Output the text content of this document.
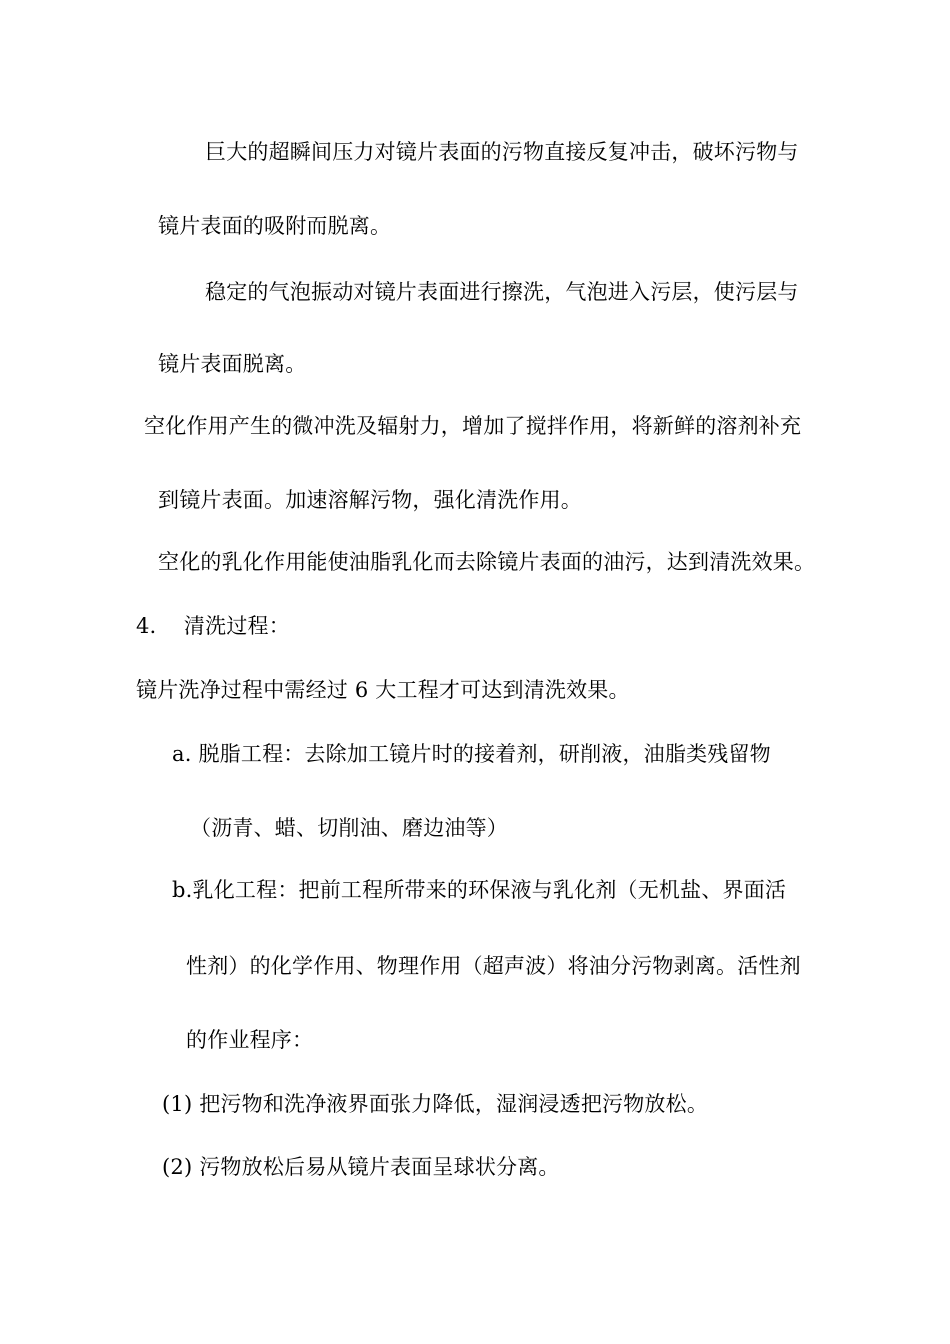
巨大的超瞬间压力对镜片表面的污物直接反复冲击，破坏污物与
镜片表面的吸附而脱离。
稳定的气泡振动对镜片表面进行擦洗，气泡进入污层，使污层与
镜片表面脱离。
空化作用产生的微冲洗及辐射力，增加了搅拌作用，将新鲜的溶剂补充
到镜片表面。加速溶解污物，强化清洗作用。
空化的乳化作用能使油脂乳化而去除镜片表面的油污，达到清洗效果。
4.    清洗过程：
镜片洗净过程中需经过 6 大工程才可达到清洗效果。
a. 脱脂工程：去除加工镜片时的接着剂，研削液，油脂类残留物
（沥青、蜡、切削油、磨边油等）
b.乳化工程：把前工程所带来的环保液与乳化剂（无机盐、界面活
性剂）的化学作用、物理作用（超声波）将油分污物剥离。活性剂
的作业程序：
(1) 把污物和洗净液界面张力降低，湿润浸透把污物放松。
(2) 污物放松后易从镜片表面呈球状分离。
